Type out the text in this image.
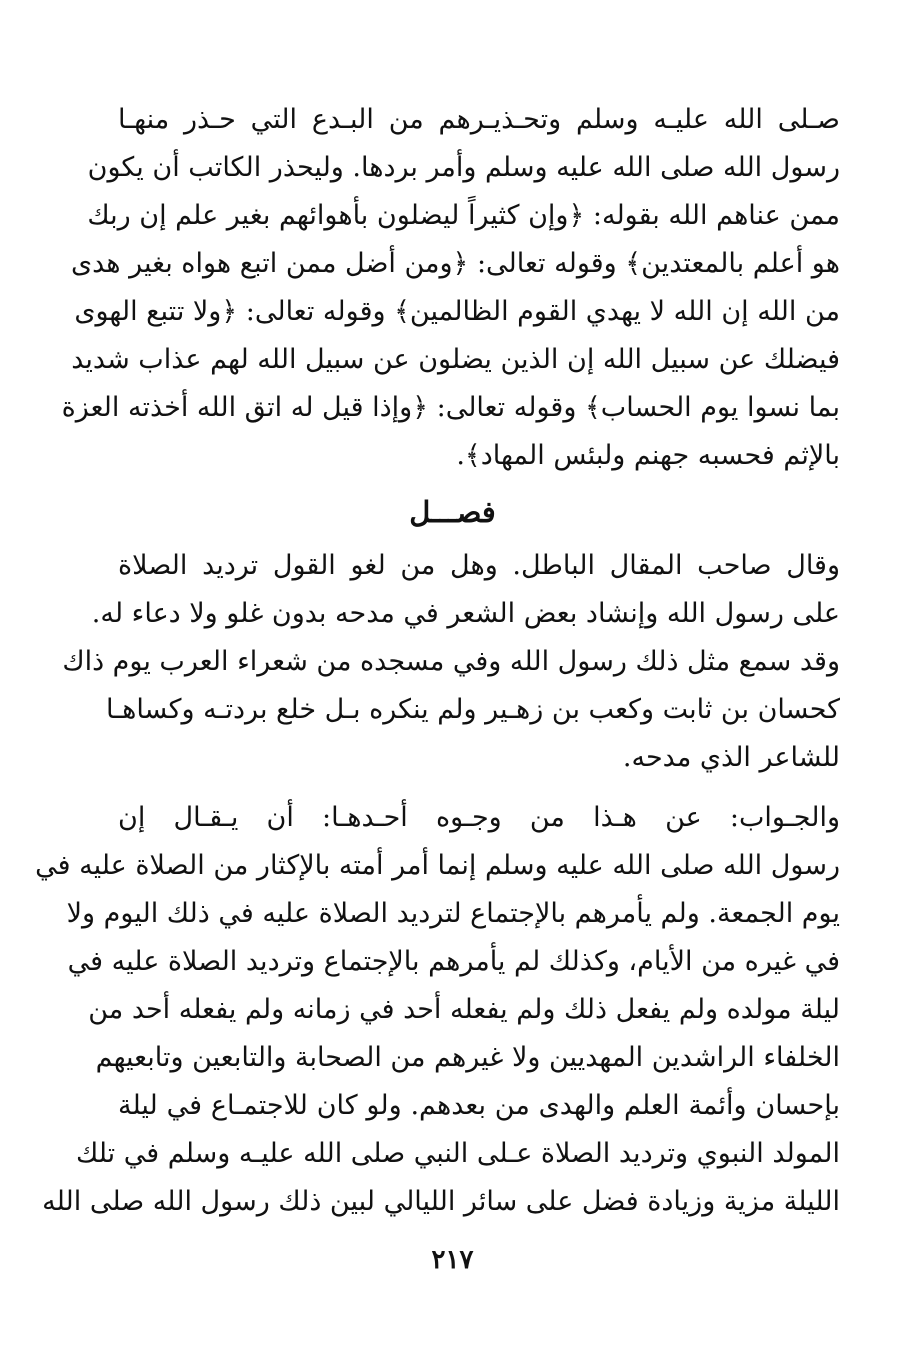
صـلى الله عليـه وسلم وتحـذيـرهم من البـدع التي حـذر منهـا
رسول الله صلى الله عليه وسلم وأمر بردها. وليحذر الكاتب أن يكون
ممن عناهم الله بقوله: ﴿وإن كثيراً ليضلون بأهوائهم بغير علم إن ربك
هو أعلم بالمعتدين﴾ وقوله تعالى: ﴿ومن أضل ممن اتبع هواه بغير هدى
من الله إن الله لا يهدي القوم الظالمين﴾ وقوله تعالى: ﴿ولا تتبع الهوى
فيضلك عن سبيل الله إن الذين يضلون عن سبيل الله لهم عذاب شديد
بما نسوا يوم الحساب﴾ وقوله تعالى: ﴿وإذا قيل له اتق الله أخذته العزة
بالإثم فحسبه جهنم ولبئس المهاد﴾.
فصـــل
وقال صاحب المقال الباطل. وهل من لغو القول ترديد الصلاة
على رسول الله وإنشاد بعض الشعر في مدحه بدون غلو ولا دعاء له.
وقد سمع مثل ذلك رسول الله وفي مسجده من شعراء العرب يوم ذاك
كحسان بن ثابت وكعب بن زهـير ولم ينكره بـل خلع بردتـه وكساهـا
للشاعر الذي مدحه.
والجـواب: عن هـذا من وجـوه أحـدهـا: أن يـقـال إن
رسول الله صلى الله عليه وسلم إنما أمر أمته بالإكثار من الصلاة عليه في
يوم الجمعة. ولم يأمرهم بالإجتماع لترديد الصلاة عليه في ذلك اليوم ولا
في غيره من الأيام، وكذلك لم يأمرهم بالإجتماع وترديد الصلاة عليه في
ليلة مولده ولم يفعل ذلك ولم يفعله أحد في زمانه ولم يفعله أحد من
الخلفاء الراشدين المهديين ولا غيرهم من الصحابة والتابعين وتابعيهم
بإحسان وأئمة العلم والهدى من بعدهم. ولو كان للاجتمـاع في ليلة
المولد النبوي وترديد الصلاة عـلى النبي صلى الله عليـه وسلم في تلك
الليلة مزية وزيادة فضل على سائر الليالي لبين ذلك رسول الله صلى الله
٢١٧
